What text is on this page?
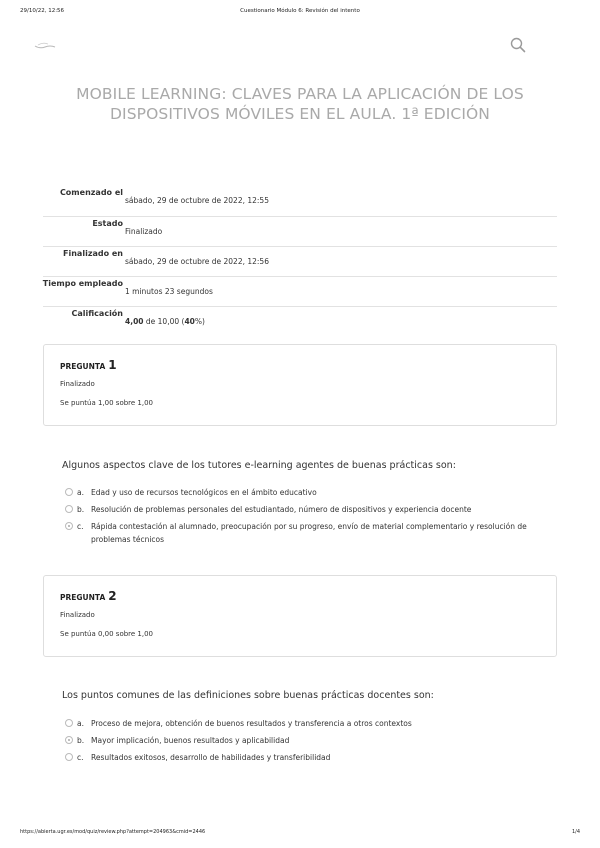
29/10/22, 12:56	Cuestionario Módulo 6: Revisión del intento
MOBILE LEARNING: CLAVES PARA LA APLICACIÓN DE LOS DISPOSITIVOS MÓVILES EN EL AULA. 1ª EDICIÓN
Comenzado el
sábado, 29 de octubre de 2022, 12:55
Estado
Finalizado
Finalizado en
sábado, 29 de octubre de 2022, 12:56
Tiempo empleado
1 minutos 23 segundos
Calificación
4,00 de 10,00 (40%)
PREGUNTA 1
Finalizado
Se puntúa 1,00 sobre 1,00
Algunos aspectos clave de los tutores e-learning agentes de buenas prácticas son:
a. Edad y uso de recursos tecnológicos en el ámbito educativo
b. Resolución de problemas personales del estudiantado, número de dispositivos y experiencia docente
c. Rápida contestación al alumnado, preocupación por su progreso, envío de material complementario y resolución de problemas técnicos
PREGUNTA 2
Finalizado
Se puntúa 0,00 sobre 1,00
Los puntos comunes de las definiciones sobre buenas prácticas docentes son:
a. Proceso de mejora, obtención de buenos resultados y transferencia a otros contextos
b. Mayor implicación, buenos resultados y aplicabilidad
c. Resultados exitosos, desarrollo de habilidades y transferibilidad
https://abierta.ugr.es/mod/quiz/review.php?attempt=204963&cmid=2446	1/4
